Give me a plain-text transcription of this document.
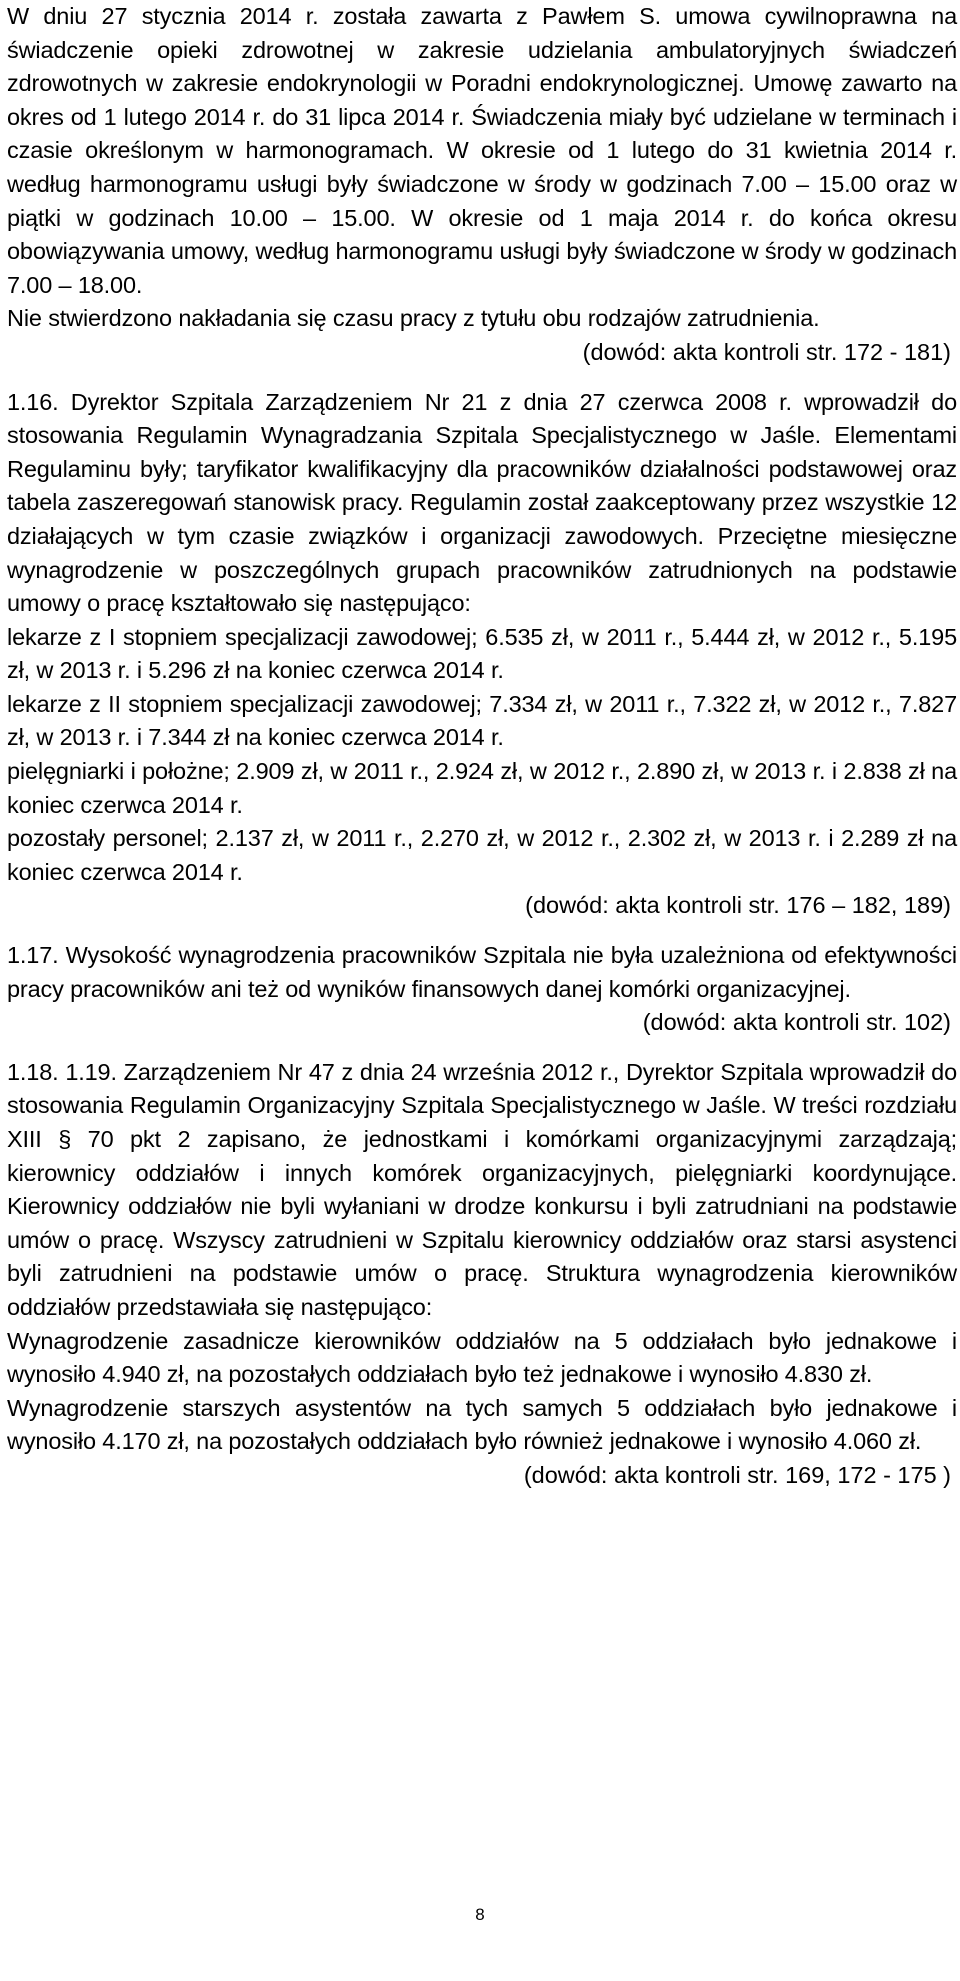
W dniu 27 stycznia 2014 r. została zawarta z Pawłem S. umowa cywilnoprawna na świadczenie opieki zdrowotnej w zakresie udzielania ambulatoryjnych świadczeń zdrowotnych w zakresie endokrynologii w Poradni endokrynologicznej. Umowę zawarto na okres od 1 lutego 2014 r. do 31 lipca 2014 r. Świadczenia miały być udzielane w terminach i czasie określonym w harmonogramach. W okresie od 1 lutego do 31 kwietnia 2014 r. według harmonogramu usługi były świadczone w środy w godzinach 7.00 – 15.00 oraz w piątki w godzinach 10.00 – 15.00. W okresie od 1 maja 2014 r. do końca okresu obowiązywania umowy, według harmonogramu usługi były świadczone w środy w godzinach 7.00 – 18.00.

Nie stwierdzono nakładania się czasu pracy z tytułu obu rodzajów zatrudnienia.

(dowód: akta kontroli str. 172 - 181)

1.16. Dyrektor Szpitala Zarządzeniem Nr 21 z dnia 27 czerwca 2008 r. wprowadził do stosowania Regulamin Wynagradzania Szpitala Specjalistycznego w Jaśle. Elementami Regulaminu były; taryfikator kwalifikacyjny dla pracowników działalności podstawowej oraz tabela zaszeregowań stanowisk pracy. Regulamin został zaakceptowany przez wszystkie 12 działających w tym czasie związków i organizacji zawodowych. Przeciętne miesięczne wynagrodzenie w poszczególnych grupach pracowników zatrudnionych na podstawie umowy o pracę kształtowało się następująco:

lekarze z I stopniem specjalizacji zawodowej; 6.535 zł, w 2011 r., 5.444 zł, w 2012 r., 5.195 zł, w 2013 r. i 5.296 zł na koniec czerwca 2014 r.

lekarze z II stopniem specjalizacji zawodowej; 7.334 zł, w 2011 r., 7.322 zł, w 2012 r., 7.827 zł, w 2013 r. i 7.344 zł na koniec czerwca 2014 r.

pielęgniarki i położne; 2.909 zł, w 2011 r., 2.924 zł, w 2012 r., 2.890 zł, w 2013 r. i 2.838 zł na koniec czerwca 2014 r.

pozostały personel; 2.137 zł, w 2011 r., 2.270 zł, w 2012 r., 2.302 zł, w 2013 r. i 2.289 zł na koniec czerwca 2014 r.

(dowód: akta kontroli str. 176 – 182, 189)

1.17. Wysokość wynagrodzenia pracowników Szpitala nie była uzależniona od efektywności pracy pracowników ani też od wyników finansowych danej komórki organizacyjnej.

(dowód: akta kontroli str. 102)

1.18. 1.19. Zarządzeniem Nr 47 z dnia 24 września 2012 r., Dyrektor Szpitala wprowadził do stosowania Regulamin Organizacyjny Szpitala Specjalistycznego w Jaśle. W treści rozdziału XIII § 70 pkt 2 zapisano, że jednostkami i komórkami organizacyjnymi zarządzają; kierownicy oddziałów i innych komórek organizacyjnych, pielęgniarki koordynujące. Kierownicy oddziałów nie byli wyłaniani w drodze konkursu i byli zatrudniani na podstawie umów o pracę. Wszyscy zatrudnieni w Szpitalu kierownicy oddziałów oraz starsi asystenci byli zatrudnieni na podstawie umów o pracę. Struktura wynagrodzenia kierowników oddziałów przedstawiała się następująco:

Wynagrodzenie zasadnicze kierowników oddziałów na 5 oddziałach było jednakowe i wynosiło 4.940 zł, na pozostałych oddziałach było też jednakowe i wynosiło 4.830 zł.

Wynagrodzenie starszych asystentów na tych samych 5 oddziałach było jednakowe i wynosiło 4.170 zł, na pozostałych oddziałach było również jednakowe i wynosiło 4.060 zł.

(dowód: akta kontroli str. 169, 172 - 175 )

8
